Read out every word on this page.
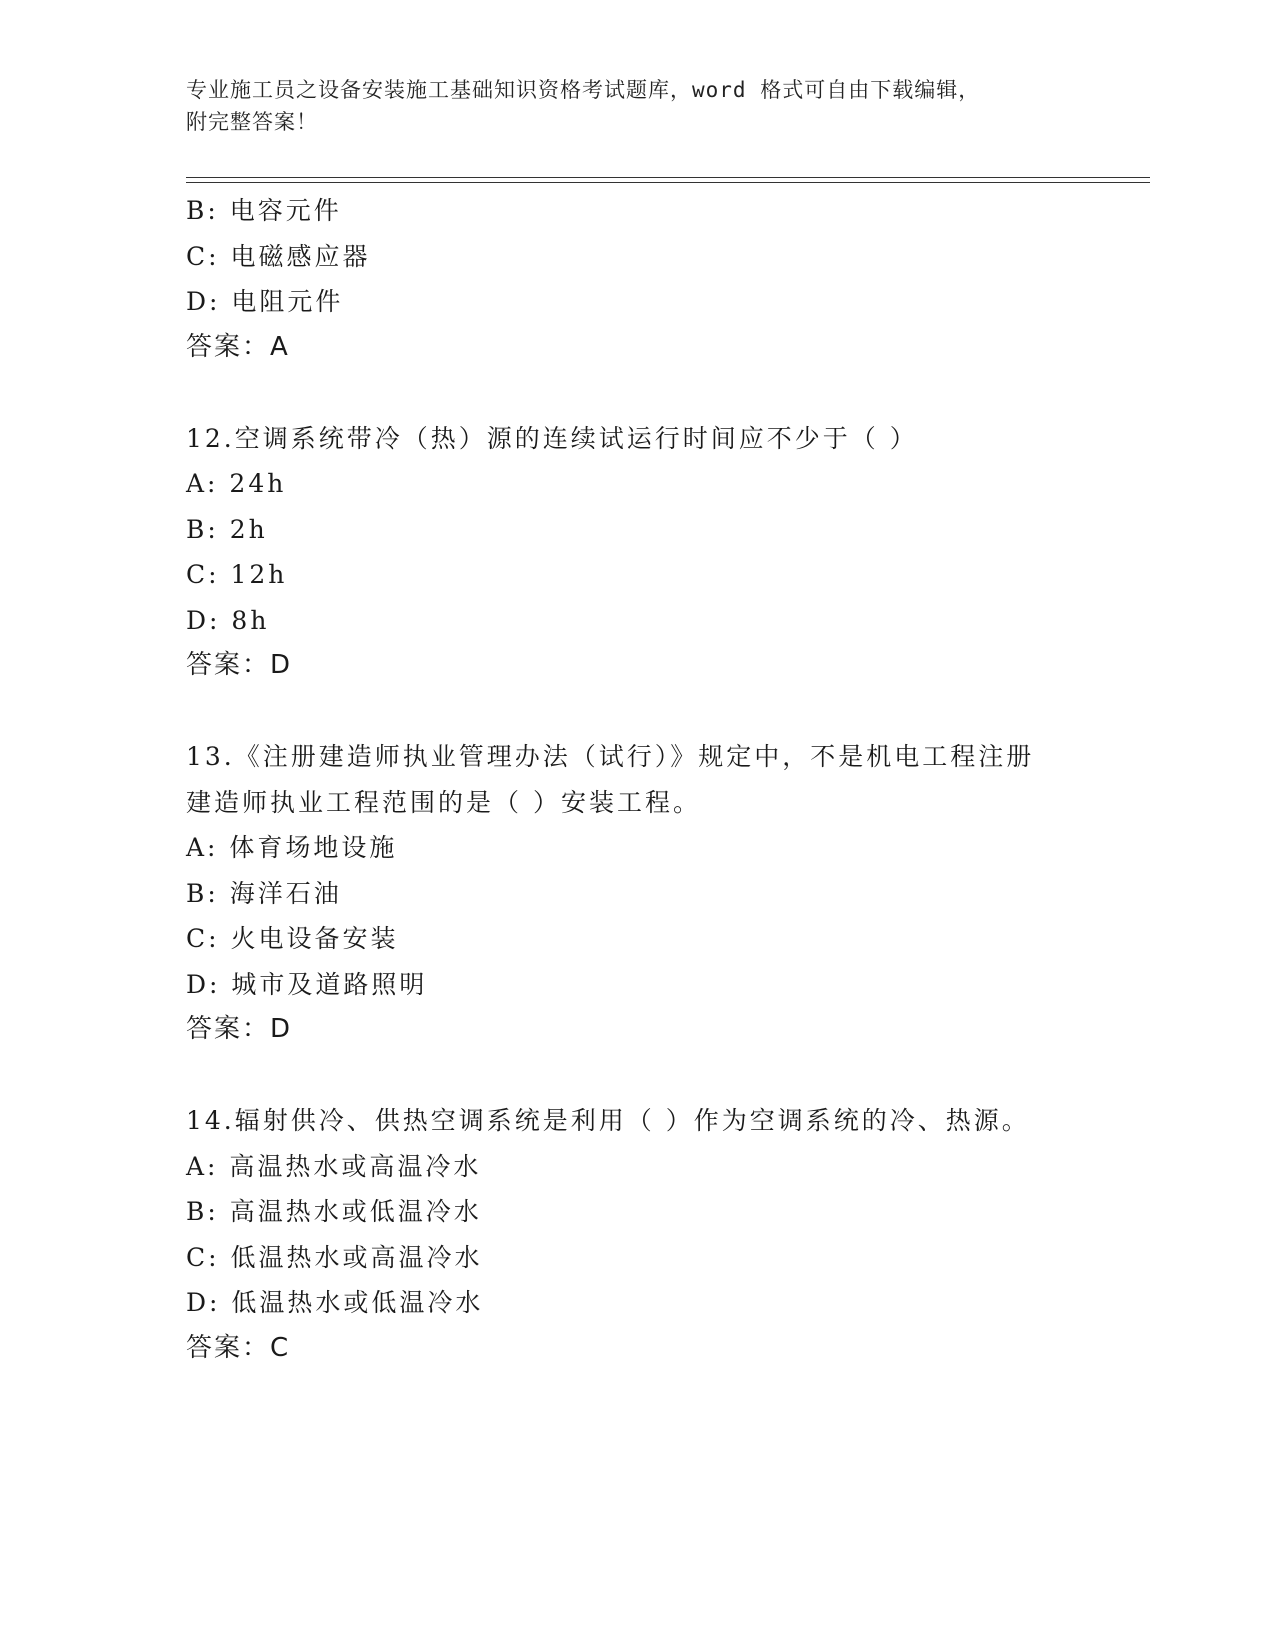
专业施工员之设备安装施工基础知识资格考试题库，word 格式可自由下载编辑，
附完整答案！
B: 电容元件
C: 电磁感应器
D: 电阻元件
答案：A
12.空调系统带冷（热）源的连续试运行时间应不少于（ ）
A: 24h
B: 2h
C: 12h
D: 8h
答案：D
13.《注册建造师执业管理办法（试行）》规定中，不是机电工程注册
建造师执业工程范围的是（ ）安装工程。
A: 体育场地设施
B: 海洋石油
C: 火电设备安装
D: 城市及道路照明
答案：D
14.辐射供冷、供热空调系统是利用（ ）作为空调系统的冷、热源。
A: 高温热水或高温冷水
B: 高温热水或低温冷水
C: 低温热水或高温冷水
D: 低温热水或低温冷水
答案：C
